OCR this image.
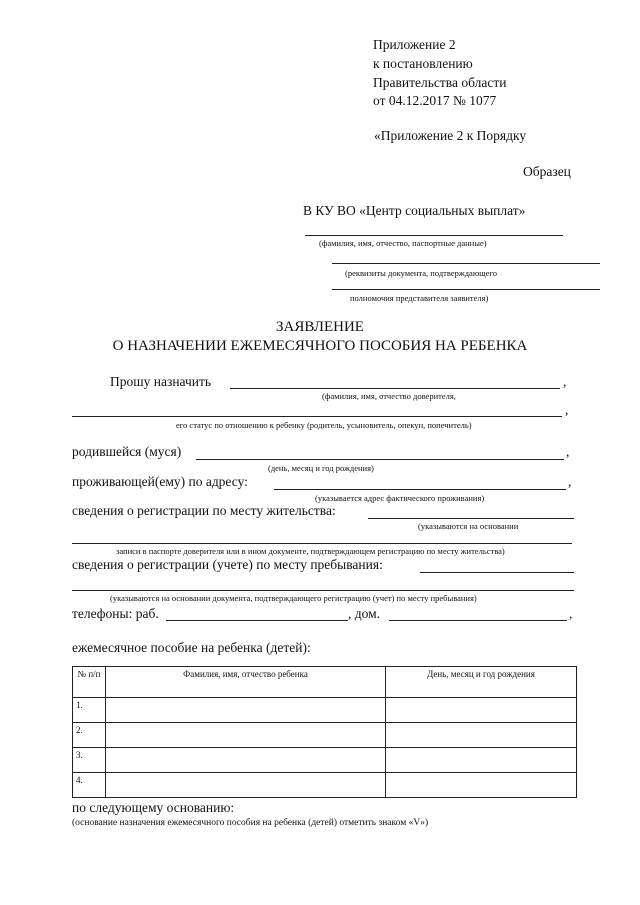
Приложение 2
к постановлению
Правительства области
от 04.12.2017 № 1077
«Приложение 2 к Порядку
Образец
В КУ ВО «Центр социальных выплат»
(фамилия, имя, отчество, паспортные данные)
(реквизиты документа, подтверждающего
полномочия представителя заявителя)
ЗАЯВЛЕНИЕ
О НАЗНАЧЕНИИ ЕЖЕМЕСЯЧНОГО ПОСОБИЯ НА РЕБЕНКА
Прошу назначить	,
(фамилия, имя, отчество доверителя,
,
его статус по отношению к ребенку (родитель, усыновитель, опекун, попечитель)
родившейся (муся)	,
(день, месяц и год рождения)
проживающей(ему) по адресу:	,
(указывается адрес фактического проживания)
сведения о регистрации по месту жительства:
(указываются на основании
записи в паспорте доверителя или в ином документе, подтверждающем регистрацию по месту жительства)
сведения о регистрации (учете) по месту пребывания:
(указываются на основании документа, подтверждающего регистрацию (учет) по месту пребывания)
телефоны: раб.	, дом.	,
ежемесячное пособие на ребенка (детей):
№ п/п	Фамилия, имя, отчество ребенка	День, месяц и год рождения
1.		
2.		
3.		
4.		
по следующему основанию:
(основание назначения ежемесячного пособия на ребенка (детей) отметить знаком «V»)
